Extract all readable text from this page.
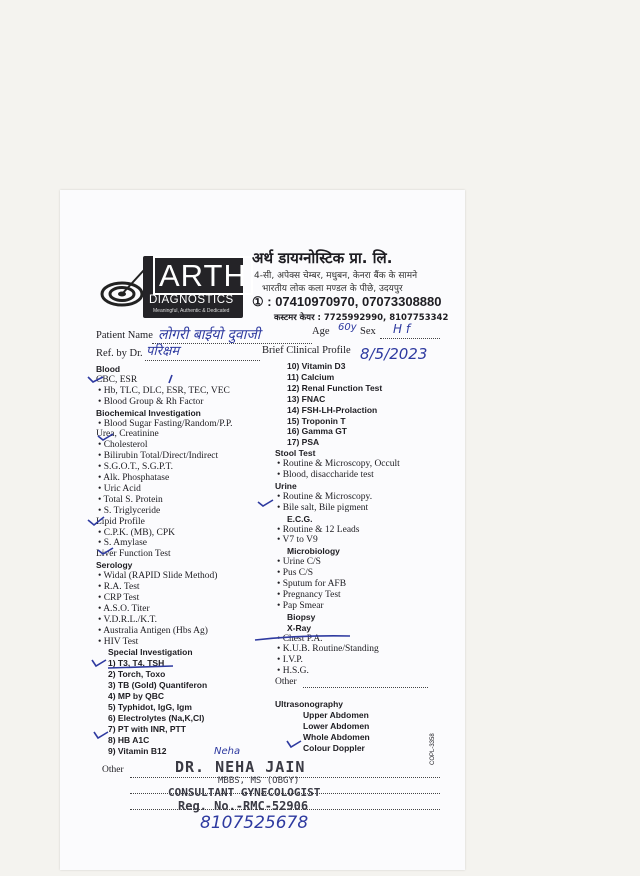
ARTH
DIAGNOSTICS
Meaningful, Authentic & Dedicated
अर्थ डायग्नोस्टिक प्रा. लि.
4-सी, अपेक्स चेम्बर, मधुबन, केनरा बैंक के सामने
भारतीय लोक कला मण्डल के पीछे, उदयपुर
① : 07410970970, 07073308880
कस्टमर केयर : 7725992990, 8107753342
Patient Name लोगरी बाईयो दुवाजी	Age 60y Sex H f
Ref. by Dr. परिक्षम	Brief Clinical Profile 8/5/2023
Blood
CBC, ESR
• Hb, TLC, DLC, ESR, TEC, VEC
• Blood Group & Rh Factor
Biochemical Investigation
• Blood Sugar Fasting/Random/P.P.
Urea, Creatinine
• Cholesterol
• Bilirubin Total/Direct/Indirect
• S.G.O.T., S.G.P.T.
• Alk. Phosphatase
• Uric Acid
• Total S. Protein
• S. Triglyceride
Lipid Profile
• C.P.K. (MB), CPK
• S. Amylase
Liver Function Test
Serology
• Widal (RAPID Slide Method)
• R.A. Test
• CRP Test
• A.S.O. Titer
• V.D.R.L./K.T.
• Australia Antigen (Hbs Ag)
• HIV Test
Special Investigation
1) T3, T4, TSH
2) Torch, Toxo
3) TB (Gold) Quantiferon
4) MP by QBC
5) Typhidot, IgG, Igm
6) Electrolytes (Na,K,Cl)
7) PT with INR, PTT
8) HB A1C
9) Vitamin B12
10) Vitamin D3
11) Calcium
12) Renal Function Test
13) FNAC
14) FSH-LH-Prolaction
15) Troponin T
16) Gamma GT
17) PSA
Stool Test
• Routine & Microscopy, Occult
• Blood, disaccharide test
Urine
• Routine & Microscopy.
• Bile salt, Bile pigment
E.C.G.
• Routine & 12 Leads
• V7 to V9
Microbiology
• Urine C/S
• Pus C/S
• Sputum for AFB
• Pregnancy Test
• Pap Smear
Biopsy
X-Ray
• Chest P.A.
• K.U.B. Routine/Standing
• I.V.P.
• H.S.G.
Other
Ultrasonography
Upper Abdomen
Lower Abdomen
Whole Abdomen
Colour Doppler
Other
Neha
DR. NEHA JAIN
MBBS, MS (OBGY)
CONSULTANT GYNECOLOGIST
Reg. No.-RMC-52906
8107525678
COPL-3358
